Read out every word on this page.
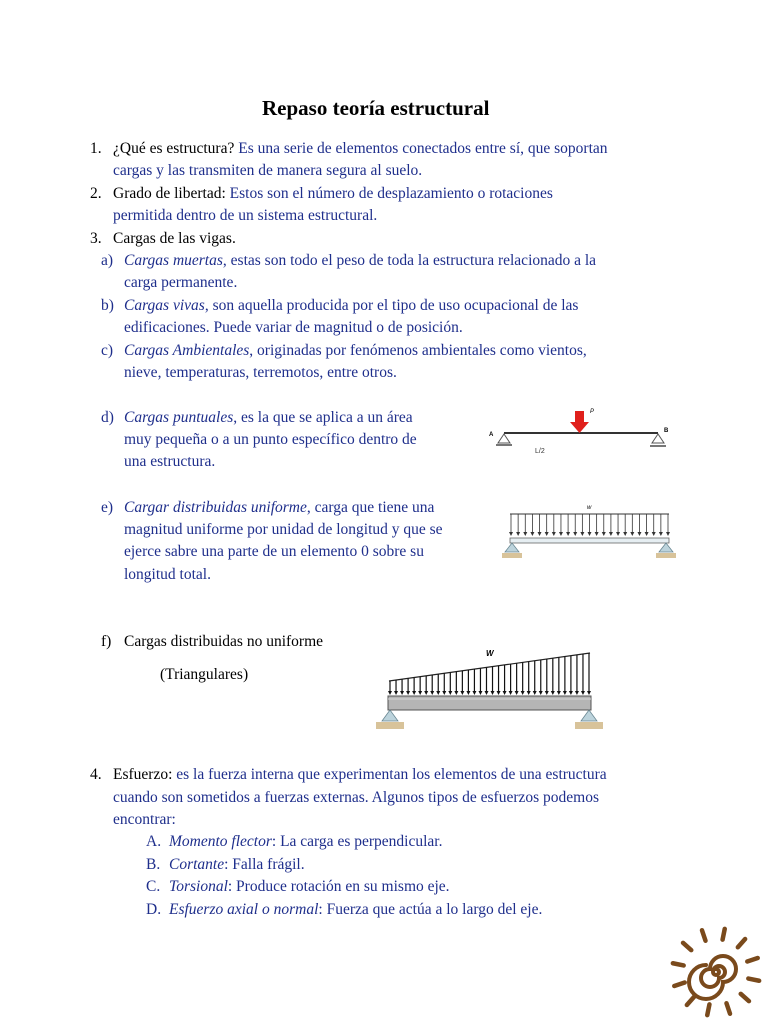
Repaso teoría estructural
1. ¿Qué es estructura? Es una serie de elementos conectados entre sí, que soportan
cargas y las transmiten de manera segura al suelo.
2. Grado de libertad: Estos son el número de desplazamiento o rotaciones
permitida dentro de un sistema estructural.
3. Cargas de las vigas.
a) Cargas muertas, estas son todo el peso de toda la estructura relacionado a la
carga permanente.
b) Cargas vivas, son aquella producida por el tipo de uso ocupacional de las
edificaciones. Puede variar de magnitud o de posición.
c) Cargas Ambientales, originadas por fenómenos ambientales como vientos,
nieve, temperaturas, terremotos, entre otros.
d) Cargas puntuales, es la que se aplica a un área
muy pequeña o a un punto específico dentro de
una estructura.
P
A
B
L/2
e) Cargar distribuidas uniforme, carga que tiene una
magnitud uniforme por unidad de longitud y que se
ejerce sabre una parte de un elemento 0 sobre su
longitud total.
w
f) Cargas distribuidas no uniforme
(Triangulares)
W
4. Esfuerzo: es la fuerza interna que experimentan los elementos de una estructura
cuando son sometidos a fuerzas externas. Algunos tipos de esfuerzos podemos
encontrar:
A. Momento flector: La carga es perpendicular.
B. Cortante: Falla frágil.
C. Torsional: Produce rotación en su mismo eje.
D. Esfuerzo axial o normal: Fuerza que actúa a lo largo del eje.
